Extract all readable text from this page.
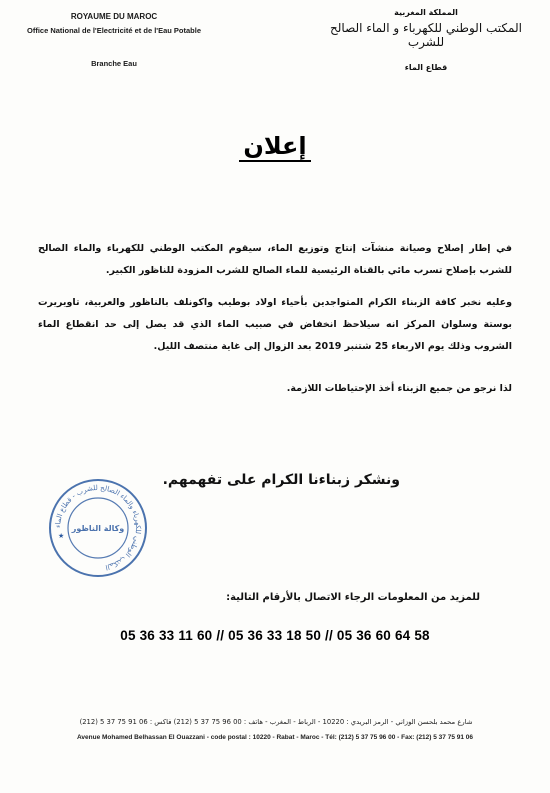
ROYAUME DU MAROC
Office National de l'Electricité et de l'Eau Potable
Branche Eau
المملكة المغربية
المكتب الوطني للكهرباء و الماء الصالح للشرب
قطاع الماء
إعلان
في إطار إصلاح وصيانة منشآت إنتاج وتوزيع الماء، سيقوم المكتب الوطني للكهرباء والماء الصالح للشرب بإصلاح تسرب مائي بالقناة الرئيسية للماء الصالح للشرب المزودة للناظور الكبير.
وعليه نخبر كافة الزبناء الكرام المتواجدين بأحياء اولاد بوطيب واكونلف بالناظور والعربية، تاويريرت بوستة وسلوان المركز انه سيلاحظ انخفاض في صبيب الماء الذي قد يصل إلى حد انقطاع الماء الشروب وذلك يوم الاربعاء 25 شتنبر 2019 بعد الزوال إلى غاية منتصف الليل.
لذا نرجو من جميع الزبناء أخذ الإحتياطات اللازمة.
ونشكر زبناءنا الكرام على تفهمهم.
المكتب الوطني للكهرباء والماء الصالح للشرب - قطاع الماء
وكالة الناظور
★
للمزيد من المعلومات الرجاء الاتصال بالأرقام التالية:
05 36 33 11 60 // 05 36 33 18 50 // 05 36 60 64 58
شارع محمد بلحسن الوزاني - الرمز البريدي : 10220 - الرباط - المغرب - هاتف : 00 96 75 37 5 (212) فاكس : 06 91 75 37 5 (212)
Avenue Mohamed Belhassan El Ouazzani - code postal : 10220 - Rabat - Maroc - Tél: (212) 5 37 75 96 00 - Fax: (212) 5 37 75 91 06
